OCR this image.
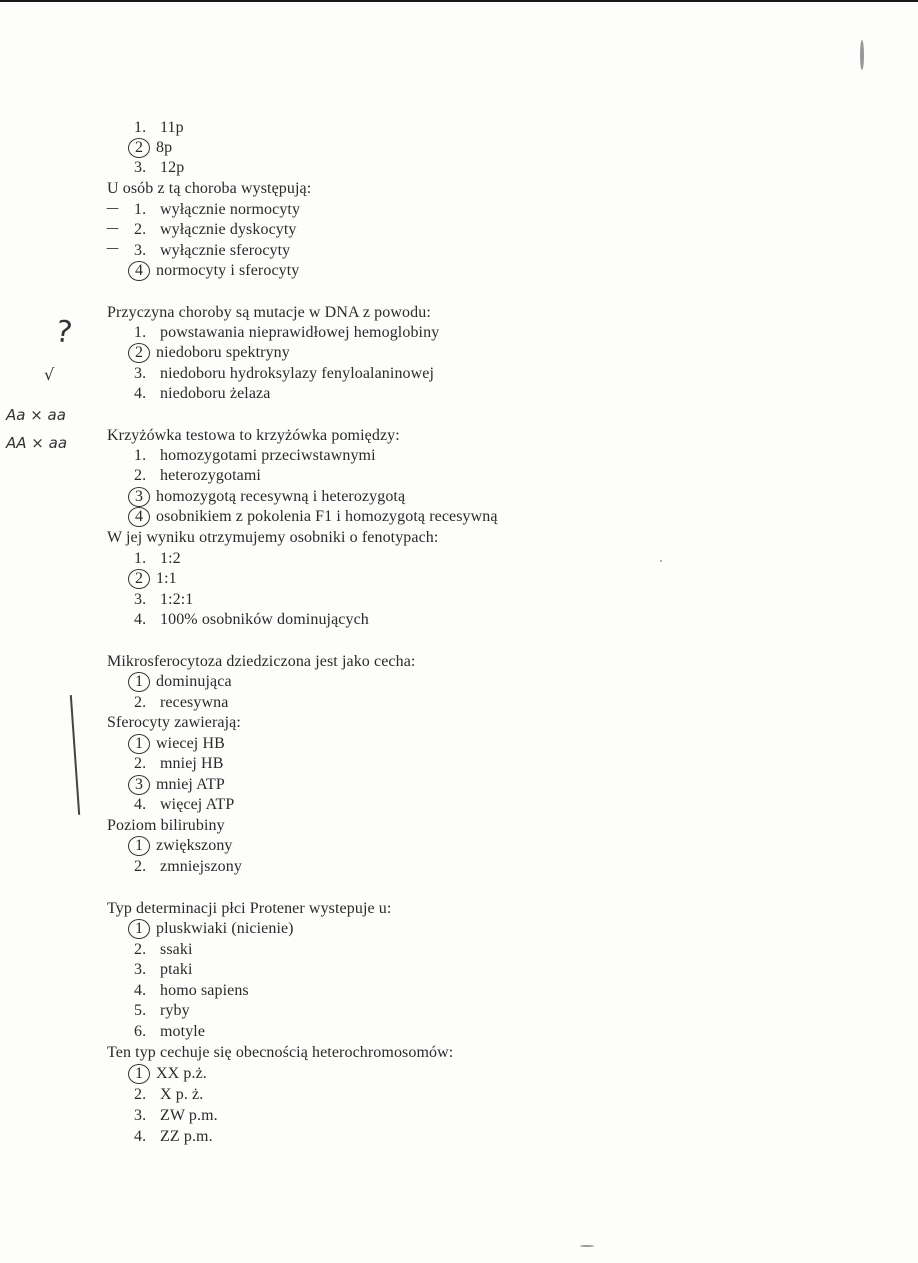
?
√
Aa × aa
AA × aa
1. 11p
2 8p
3. 12p
U osób z tą choroba występują:
— 1. wyłącznie normocyty
— 2. wyłącznie dyskocyty
— 3. wyłącznie sferocyty
4 normocyty i sferocyty
Przyczyna choroby są mutacje w DNA z powodu:
1. powstawania nieprawidłowej hemoglobiny
2 niedoboru spektryny
3. niedoboru hydroksylazy fenyloalaninowej
4. niedoboru żelaza
Krzyżówka testowa to krzyżówka pomiędzy:
1. homozygotami przeciwstawnymi
2. heterozygotami
3 homozygotą recesywną i heterozygotą
4 osobnikiem z pokolenia F1 i homozygotą recesywną
W jej wyniku otrzymujemy osobniki o fenotypach:
1. 1:2
2 1:1
3. 1:2:1
4. 100% osobników dominujących
Mikrosferocytoza dziedziczona jest jako cecha:
1 dominująca
2. recesywna
Sferocyty zawierają:
1 wiecej HB
2. mniej HB
3 mniej ATP
4. więcej ATP
Poziom bilirubiny
1 zwiększony
2. zmniejszony
Typ determinacji płci Protener wystepuje u:
1 pluskwiaki (nicienie)
2. ssaki
3. ptaki
4. homo sapiens
5. ryby
6. motyle
Ten typ cechuje się obecnością heterochromosomów:
1 XX p.ż.
2. X p. ż.
3. ZW p.m.
4. ZZ p.m.
